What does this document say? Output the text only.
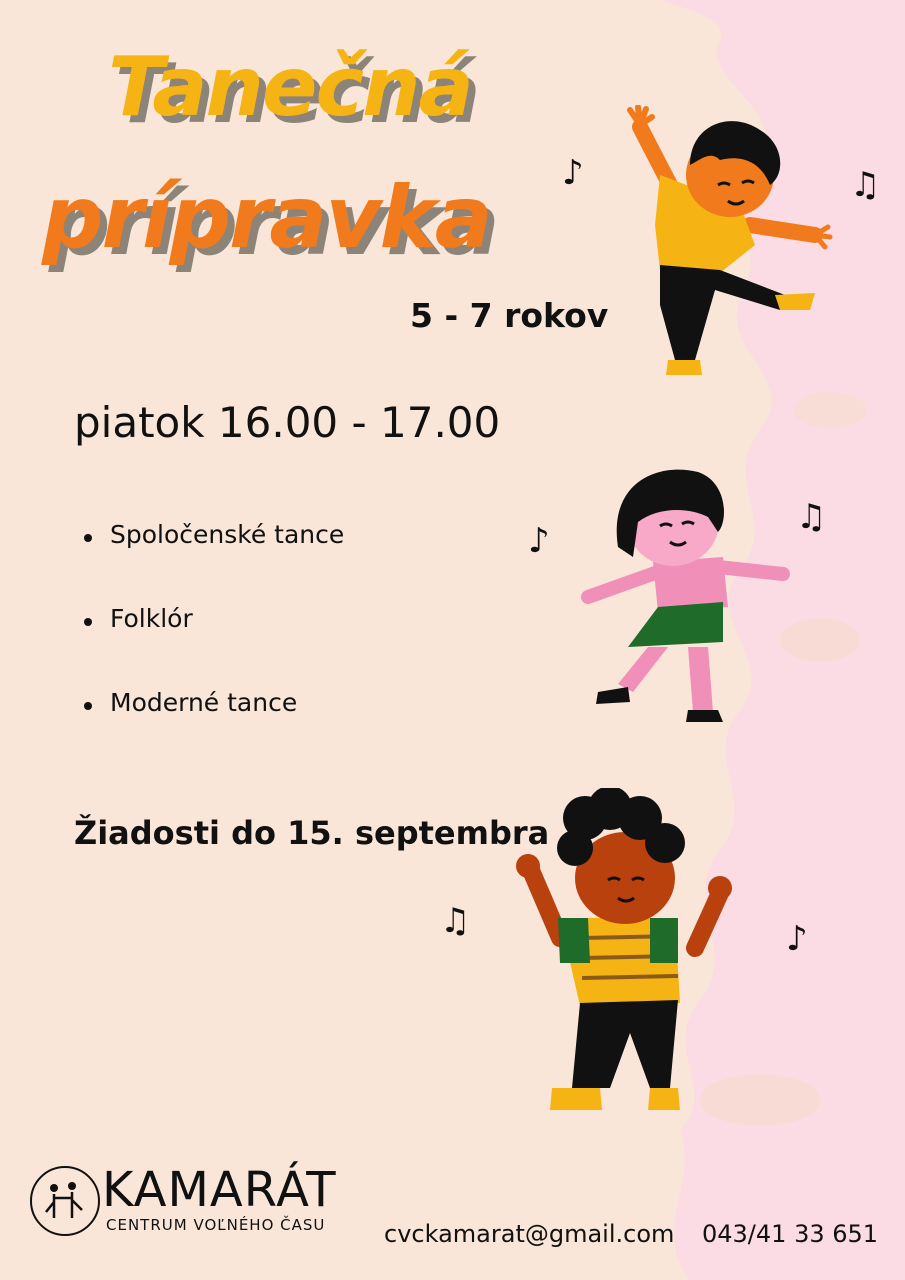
Tanečná
prípravka
5 - 7 rokov
piatok 16.00 - 17.00
Spoločenské tance
Folklór
Moderné tance
Žiadosti do 15. septembra
♪	♫
♪
♫
♫	♪
KAMARÁT
CENTRUM VOĽNÉHO ČASU cvckamarat@gmail.com 043/41 33 651
